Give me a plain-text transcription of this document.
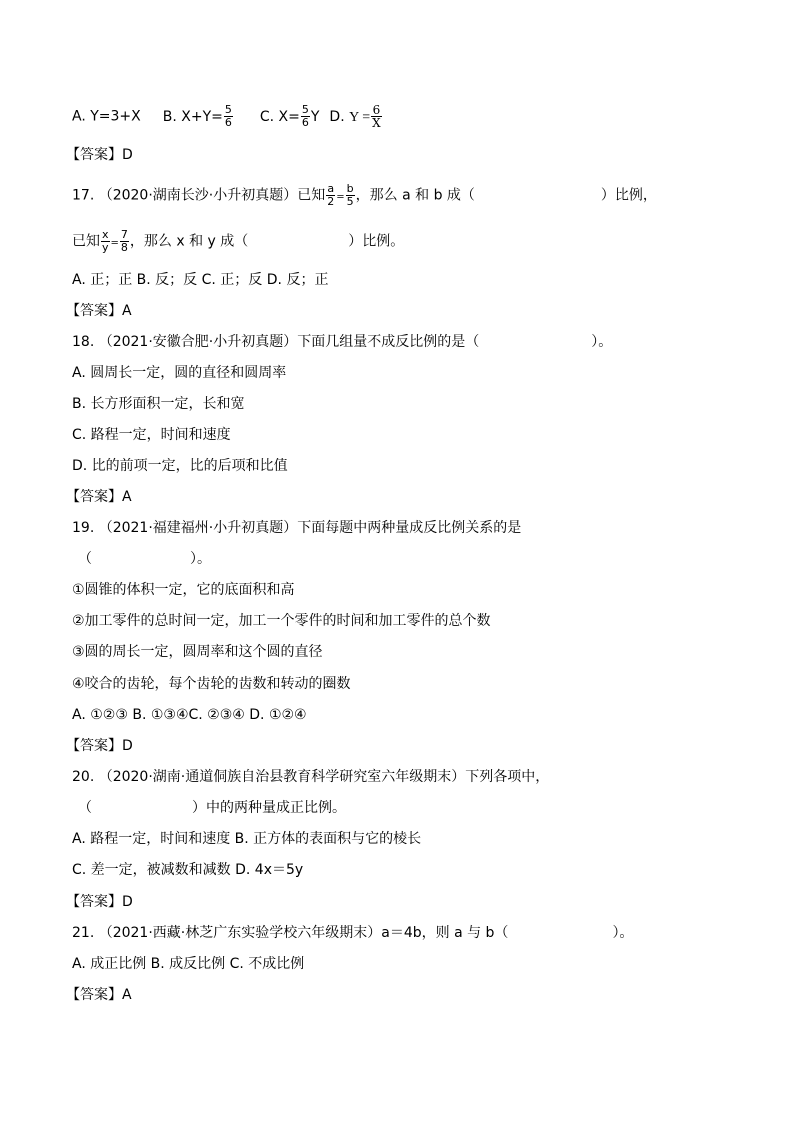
A. Y=3+X B. $X+Y= \frac{5}{6} C$. $X= \frac{5}{6}$ Y D. $Y = \frac{6}{X}$
【答案】D
17. （2020·湖南长沙·小升初真题）已知 $\frac{a}{2} = \frac{b}{5}$ ，那么 a 和 b 成（	）比例，
已知 $\frac{x}{y} = \frac{7}{8}$ ，那么 x 和 y 成（	）比例。
A. 正；正 B. 反；反 C. 正；反 D. 反；正
【答案】A
18. （2021·安徽合肥·小升初真题）下面几组量不成反比例的是（	）。
A. 圆周长一定，圆的直径和圆周率
B. 长方形面积一定，长和宽
C. 路程一定，时间和速度
D. 比的前项一定，比的后项和比值
【答案】A
19. （2021·福建福州·小升初真题）下面每题中两种量成反比例关系的是
（	）。
①圆锥的体积一定，它的底面积和高
②加工零件的总时间一定，加工一个零件的时间和加工零件的总个数
③圆的周长一定，圆周率和这个圆的直径
④咬合的齿轮，每个齿轮的齿数和转动的圈数
A. ①②③ B. ①③④C. ②③④ D. ①②④
【答案】D
20. （2020·湖南·通道侗族自治县教育科学研究室六年级期末）下列各项中，
（	）中的两种量成正比例。
A. 路程一定，时间和速度 B. 正方体的表面积与它的棱长
C. 差一定，被减数和减数 D. 4x＝5y
【答案】D
21. （2021·西藏·林芝广东实验学校六年级期末）a＝4b，则 a 与 b（	）。
A. 成正比例 B. 成反比例 C. 不成比例
【答案】A
